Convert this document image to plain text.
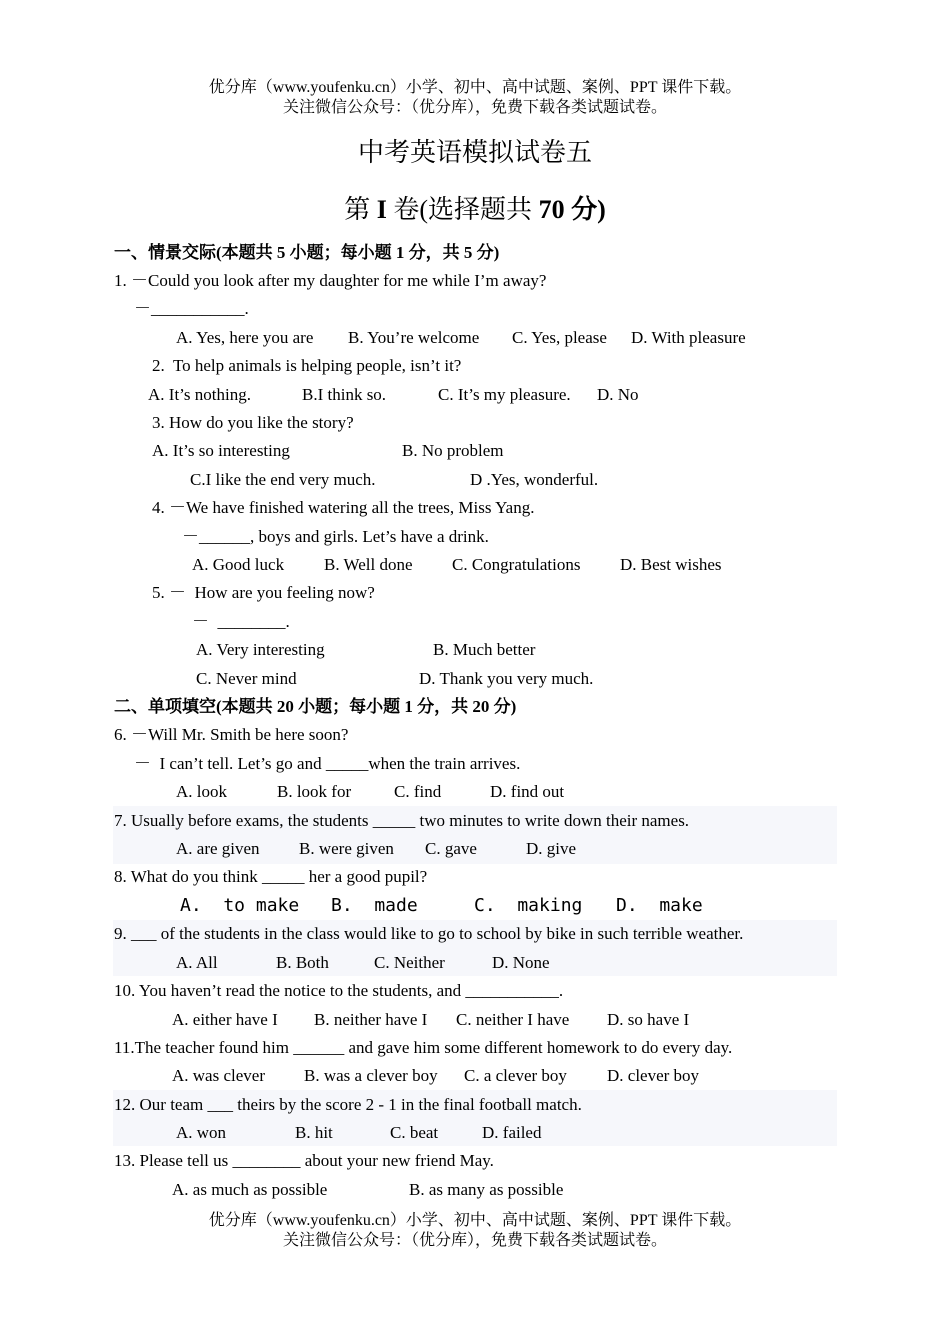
优分库（www.youfenku.cn）小学、初中、高中试题、案例、PPT 课件下载。
关注微信公众号：（优分库），免费下载各类试题试卷。
中考英语模拟试卷五
第 I 卷(选择题共 70 分)
一、情景交际(本题共 5 小题；每小题 1 分，共 5 分)
1. －Could you look after my daughter for me while I’m away?
－___________.
A. Yes, here you are B. You’re welcome C. Yes, please D. With pleasure
2.  To help animals is helping people, isn’t it?
A. It’s nothing.	B.I think so.	C. It’s my pleasure. D. No
3. How do you like the story?
A. It’s so interesting	B. No problem
C.I like the end very much.	D .Yes, wonderful.
4. －We have finished watering all the trees, Miss Yang.
－______, boys and girls. Let’s have a drink.
A. Good luck B. Well done C. Congratulations D. Best wishes
5. －  How are you feeling now?
－  ________.
A. Very interesting	B. Much better
C. Never mind	D. Thank you very much.
二、单项填空(本题共 20 小题；每小题 1 分，共 20 分)
6. －Will Mr. Smith be here soon?
－  I can’t tell. Let’s go and _____when the train arrives.
A. look	B. look for	C. find	D. find out
7. Usually before exams, the students _____ two minutes to write down their names.
A. are given B. were given C. gave	D. give
8. What do you think _____ her a good pupil?
A.  to make B.  made	C.  making D.  make
9. ___ of the students in the class would like to go to school by bike in such terrible weather.
A. All	B. Both	C. Neither	D. None
10. You haven’t read the notice to the students, and ___________.
A. either have I B. neither have I C. neither I have D. so have I
11.The teacher found him ______ and gave him some different homework to do every day.
A. was clever B. was a clever boy C. a clever boy D. clever boy
12. Our team ___ theirs by the score 2 - 1 in the final football match.
A. won	B. hit	C. beat	D. failed
13. Please tell us ________ about your new friend May.
A. as much as possible	B. as many as possible
优分库（www.youfenku.cn）小学、初中、高中试题、案例、PPT 课件下载。
关注微信公众号：（优分库），免费下载各类试题试卷。
